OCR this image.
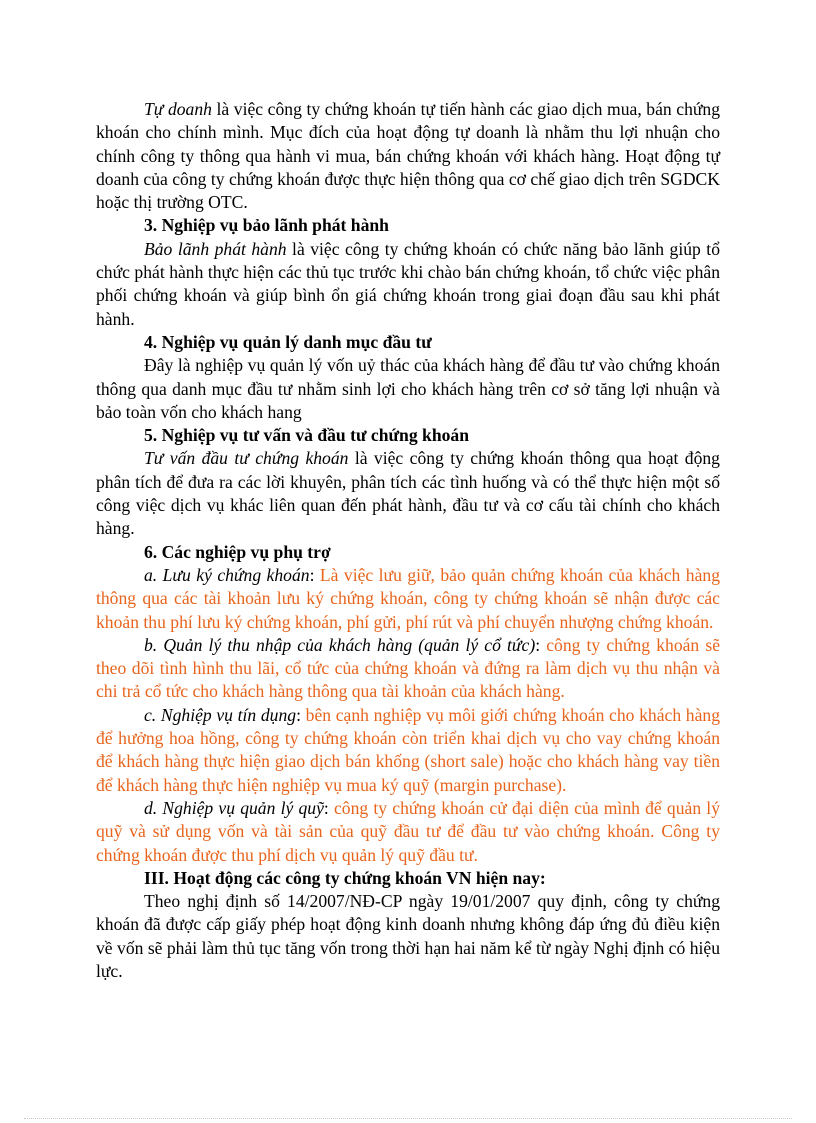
Tự doanh là việc công ty chứng khoán tự tiến hành các giao dịch mua, bán chứng khoán cho chính mình. Mục đích của hoạt động tự doanh là nhằm thu lợi nhuận cho chính công ty thông qua hành vi mua, bán chứng khoán với khách hàng. Hoạt động tự doanh của công ty chứng khoán được thực hiện thông qua cơ chế giao dịch trên SGDCK hoặc thị trường OTC.

3. Nghiệp vụ bảo lãnh phát hành

Bảo lãnh phát hành là việc công ty chứng khoán có chức năng bảo lãnh giúp tổ chức phát hành thực hiện các thủ tục trước khi chào bán chứng khoán, tổ chức việc phân phối chứng khoán và giúp bình ổn giá chứng khoán trong giai đoạn đầu sau khi phát hành.

4. Nghiệp vụ quản lý danh mục đầu tư

Đây là nghiệp vụ quản lý vốn uỷ thác của khách hàng để đầu tư vào chứng khoán thông qua danh mục đầu tư nhằm sinh lợi cho khách hàng trên cơ sở tăng lợi nhuận và bảo toàn vốn cho khách hang

5. Nghiệp vụ tư vấn và đầu tư chứng khoán

Tư vấn đầu tư chứng khoán là việc công ty chứng khoán thông qua hoạt động phân tích để đưa ra các lời khuyên, phân tích các tình huống và có thể thực hiện một số công việc dịch vụ khác liên quan đến phát hành, đầu tư và cơ cấu tài chính cho khách hàng.

6. Các nghiệp vụ phụ trợ

a. Lưu ký chứng khoán: Là việc lưu giữ, bảo quản chứng khoán của khách hàng thông qua các tài khoản lưu ký chứng khoán, công ty chứng khoán sẽ nhận được các khoản thu phí lưu ký chứng khoán, phí gửi, phí rút và phí chuyển nhượng chứng khoán.

b. Quản lý thu nhập của khách hàng (quản lý cổ tức): công ty chứng khoán sẽ theo dõi tình hình thu lãi, cổ tức của chứng khoán và đứng ra làm dịch vụ thu nhận và chi trả cổ tức cho khách hàng thông qua tài khoản của khách hàng.

c. Nghiệp vụ tín dụng: bên cạnh nghiệp vụ môi giới chứng khoán cho khách hàng để hưởng hoa hồng, công ty chứng khoán còn triển khai dịch vụ cho vay chứng khoán để khách hàng thực hiện giao dịch bán khống (short sale) hoặc cho khách hàng vay tiền để khách hàng thực hiện nghiệp vụ mua ký quỹ (margin purchase).

d. Nghiệp vụ quản lý quỹ: công ty chứng khoán cử đại diện của mình để quản lý quỹ và sử dụng vốn và tài sản của quỹ đầu tư để đầu tư vào chứng khoán. Công ty chứng khoán được thu phí dịch vụ quản lý quỹ đầu tư.

III. Hoạt động các công ty chứng khoán VN hiện nay:

Theo nghị định số 14/2007/NĐ-CP ngày 19/01/2007 quy định, công ty chứng khoán đã được cấp giấy phép hoạt động kinh doanh nhưng không đáp ứng đủ điều kiện về vốn sẽ phải làm thủ tục tăng vốn trong thời hạn hai năm kể từ ngày Nghị định có hiệu lực.
